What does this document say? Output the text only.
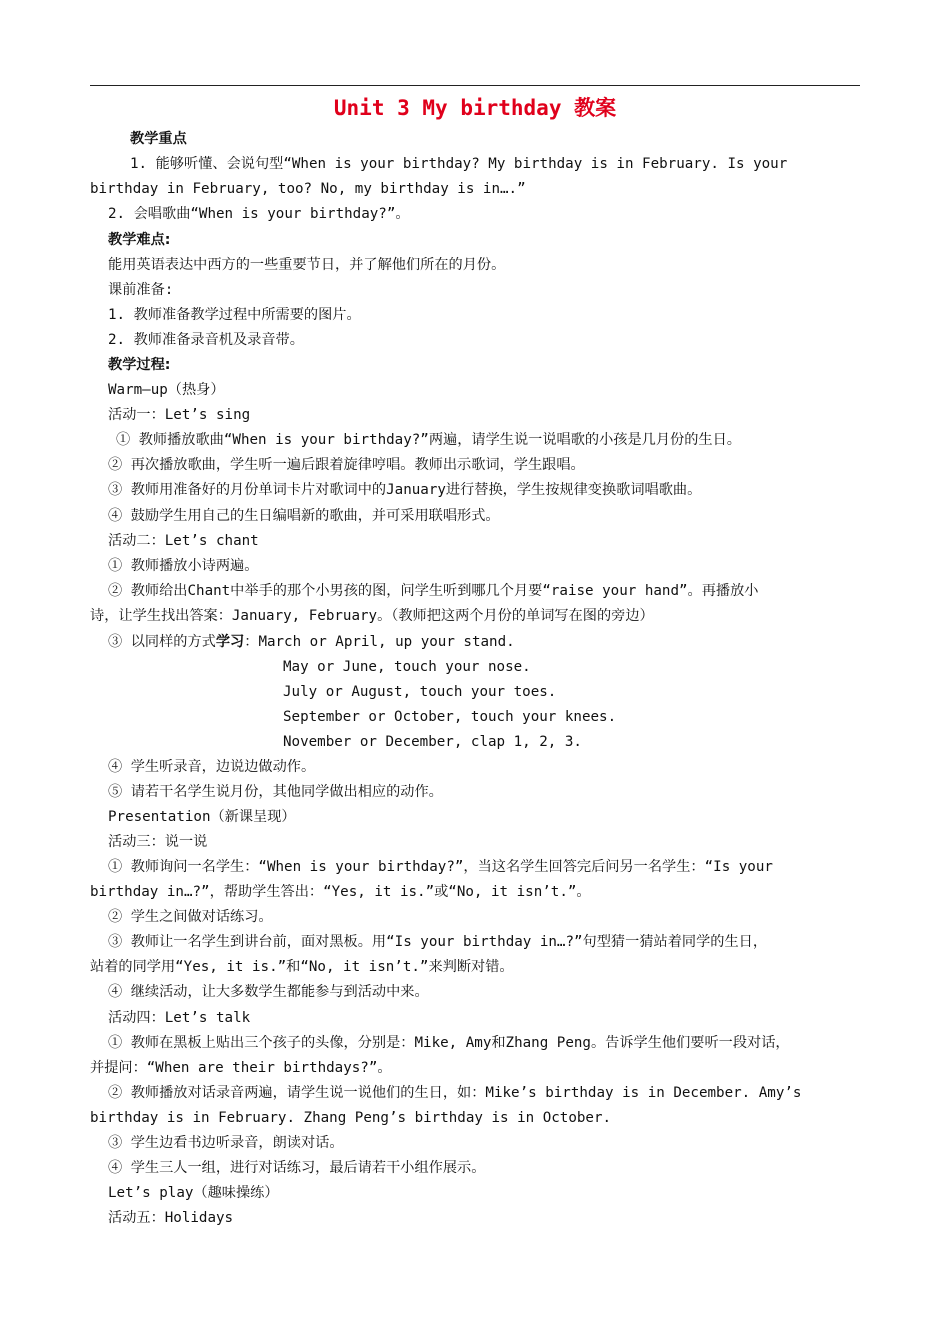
Unit 3 My birthday 教案
教学重点
1. 能够听懂、会说句型“When is your birthday? My birthday is in February. Is your
birthday in February, too? No, my birthday is in….”
2. 会唱歌曲“When is your birthday?”。
教学难点:
能用英语表达中西方的一些重要节日，并了解他们所在的月份。
课前准备:
1. 教师准备教学过程中所需要的图片。
2. 教师准备录音机及录音带。
教学过程:
Warm—up（热身）
活动一：Let’s sing
① 教师播放歌曲“When is your birthday?”两遍，请学生说一说唱歌的小孩是几月份的生日。
② 再次播放歌曲，学生听一遍后跟着旋律哼唱。教师出示歌词，学生跟唱。
③ 教师用准备好的月份单词卡片对歌词中的January进行替换，学生按规律变换歌词唱歌曲。
④ 鼓励学生用自己的生日编唱新的歌曲，并可采用联唱形式。
活动二：Let’s chant
① 教师播放小诗两遍。
② 教师给出Chant中举手的那个小男孩的图，问学生听到哪几个月要“raise your hand”。再播放小
诗，让学生找出答案：January, February。（教师把这两个月份的单词写在图的旁边）
③ 以同样的方式学习：March or April, up your stand.
May or June, touch your nose.
July or August, touch your toes.
September or October, touch your knees.
November or December, clap 1, 2, 3.
④ 学生听录音，边说边做动作。
⑤ 请若干名学生说月份，其他同学做出相应的动作。
Presentation（新课呈现）
活动三：说一说
① 教师询问一名学生：“When is your birthday?”，当这名学生回答完后问另一名学生：“Is your
birthday in…?”，帮助学生答出：“Yes, it is.”或“No, it isn’t.”。
② 学生之间做对话练习。
③ 教师让一名学生到讲台前，面对黑板。用“Is your birthday in…?”句型猜一猜站着同学的生日，
站着的同学用“Yes, it is.”和“No, it isn’t.”来判断对错。
④ 继续活动，让大多数学生都能参与到活动中来。
活动四：Let’s talk
① 教师在黑板上贴出三个孩子的头像，分别是：Mike, Amy和Zhang Peng。告诉学生他们要听一段对话，
并提问：“When are their birthdays?”。
② 教师播放对话录音两遍，请学生说一说他们的生日，如：Mike’s birthday is in December. Amy’s
birthday is in February. Zhang Peng’s birthday is in October.
③ 学生边看书边听录音，朗读对话。
④ 学生三人一组，进行对话练习，最后请若干小组作展示。
Let’s play（趣味操练）
活动五：Holidays
